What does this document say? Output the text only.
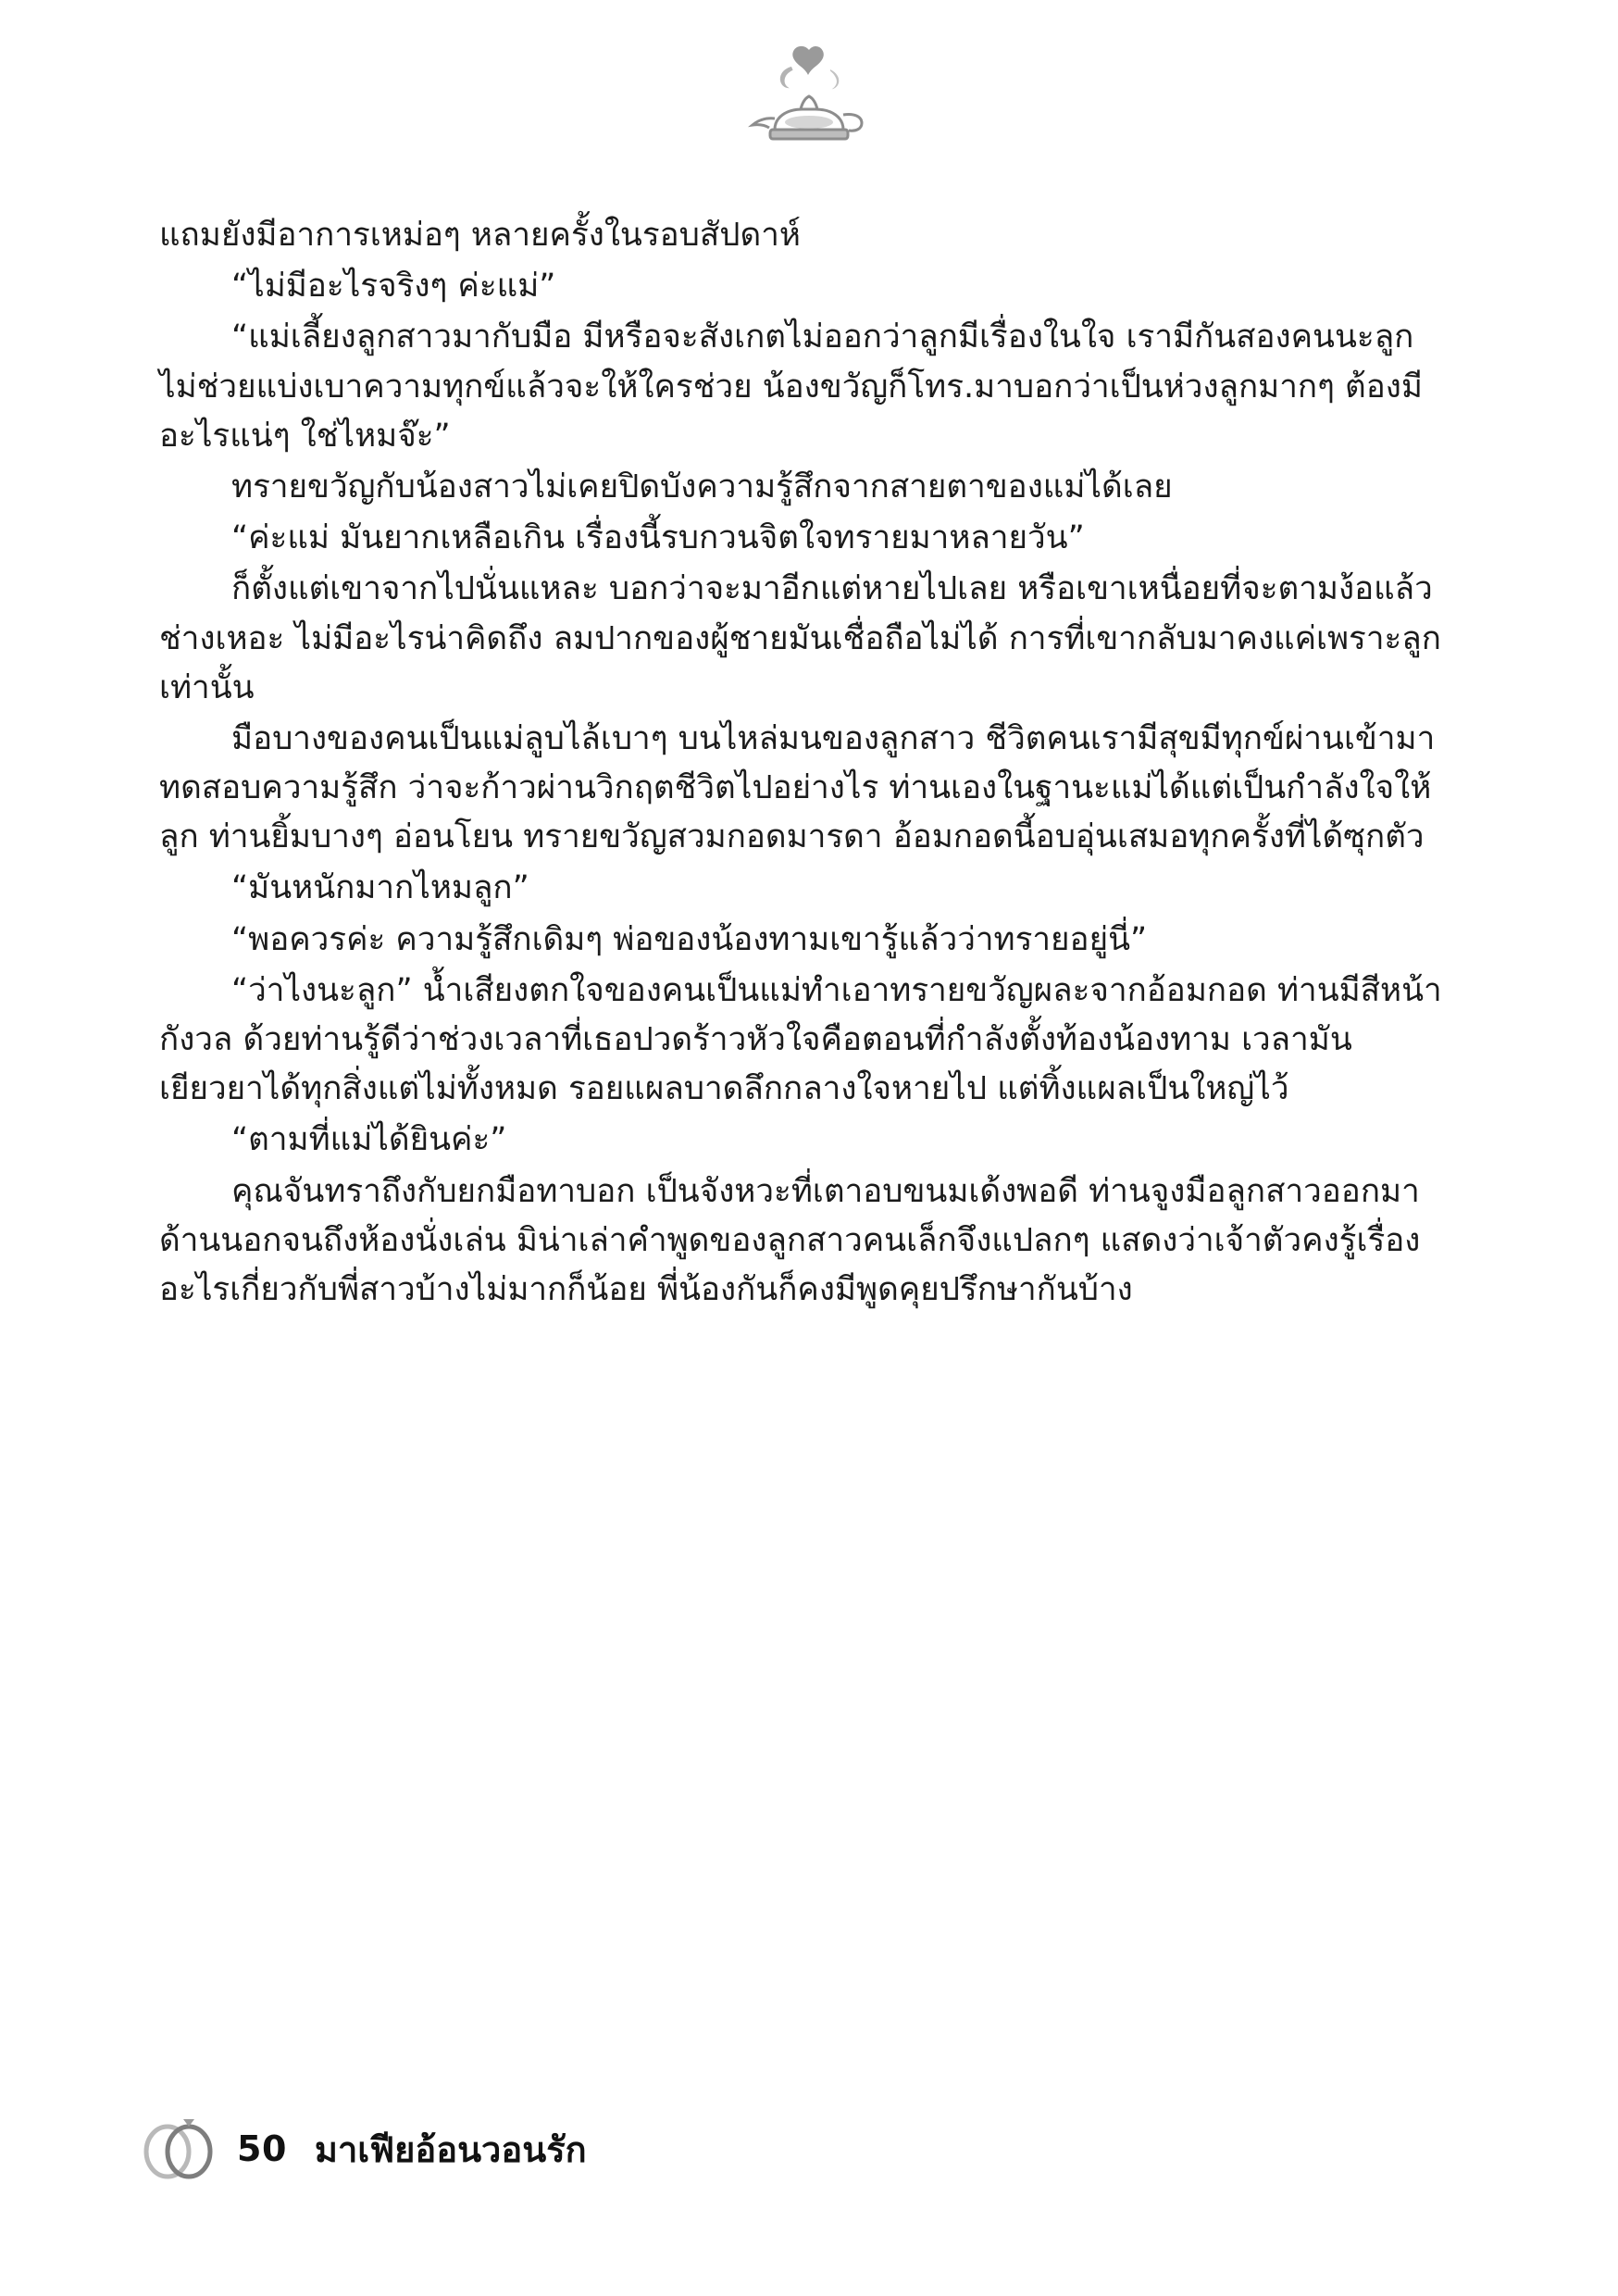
แถมยังมีอาการเหม่อๆ หลายครั้งในรอบสัปดาห์

“ไม่มีอะไรจริงๆ ค่ะแม่”

“แม่เลี้ยงลูกสาวมากับมือ มีหรือจะสังเกตไม่ออกว่าลูกมีเรื่องในใจ เรามีกันสองคนนะลูก ไม่ช่วยแบ่งเบาความทุกข์แล้วจะให้ใครช่วย น้องขวัญก็โทร.มาบอกว่าเป็นห่วงลูกมากๆ ต้องมีอะไรแน่ๆ ใช่ไหมจ๊ะ”

ทรายขวัญกับน้องสาวไม่เคยปิดบังความรู้สึกจากสายตาของแม่ได้เลย

“ค่ะแม่ มันยากเหลือเกิน เรื่องนี้รบกวนจิตใจทรายมาหลายวัน”

ก็ตั้งแต่เขาจากไปนั่นแหละ บอกว่าจะมาอีกแต่หายไปเลย หรือเขาเหนื่อยที่จะตามง้อแล้ว ช่างเหอะ ไม่มีอะไรน่าคิดถึง ลมปากของผู้ชายมันเชื่อถือไม่ได้ การที่เขากลับมาคงแค่เพราะลูกเท่านั้น

มือบางของคนเป็นแม่ลูบไล้เบาๆ บนไหล่มนของลูกสาว ชีวิตคนเรามีสุขมีทุกข์ผ่านเข้ามาทดสอบความรู้สึก ว่าจะก้าวผ่านวิกฤตชีวิตไปอย่างไร ท่านเองในฐานะแม่ได้แต่เป็นกำลังใจให้ลูก ท่านยิ้มบางๆ อ่อนโยน ทรายขวัญสวมกอดมารดา อ้อมกอดนี้อบอุ่นเสมอทุกครั้งที่ได้ซุกตัว

“มันหนักมากไหมลูก”

“พอควรค่ะ ความรู้สึกเดิมๆ พ่อของน้องทามเขารู้แล้วว่าทรายอยู่นี่”

“ว่าไงนะลูก” น้ำเสียงตกใจของคนเป็นแม่ทำเอาทรายขวัญผละจากอ้อมกอด ท่านมีสีหน้ากังวล ด้วยท่านรู้ดีว่าช่วงเวลาที่เธอปวดร้าวหัวใจคือตอนที่กำลังตั้งท้องน้องทาม เวลามันเยียวยาได้ทุกสิ่งแต่ไม่ทั้งหมด รอยแผลบาดลึกกลางใจหายไป แต่ทิ้งแผลเป็นใหญ่ไว้

“ตามที่แม่ได้ยินค่ะ”

คุณจันทราถึงกับยกมือทาบอก เป็นจังหวะที่เตาอบขนมเด้งพอดี ท่านจูงมือลูกสาวออกมาด้านนอกจนถึงห้องนั่งเล่น มิน่าเล่าคำพูดของลูกสาวคนเล็กจึงแปลกๆ แสดงว่าเจ้าตัวคงรู้เรื่องอะไรเกี่ยวกับพี่สาวบ้างไม่มากก็น้อย พี่น้องกันก็คงมีพูดคุยปรึกษากันบ้าง

50 มาเฟียอ้อนวอนรัก
